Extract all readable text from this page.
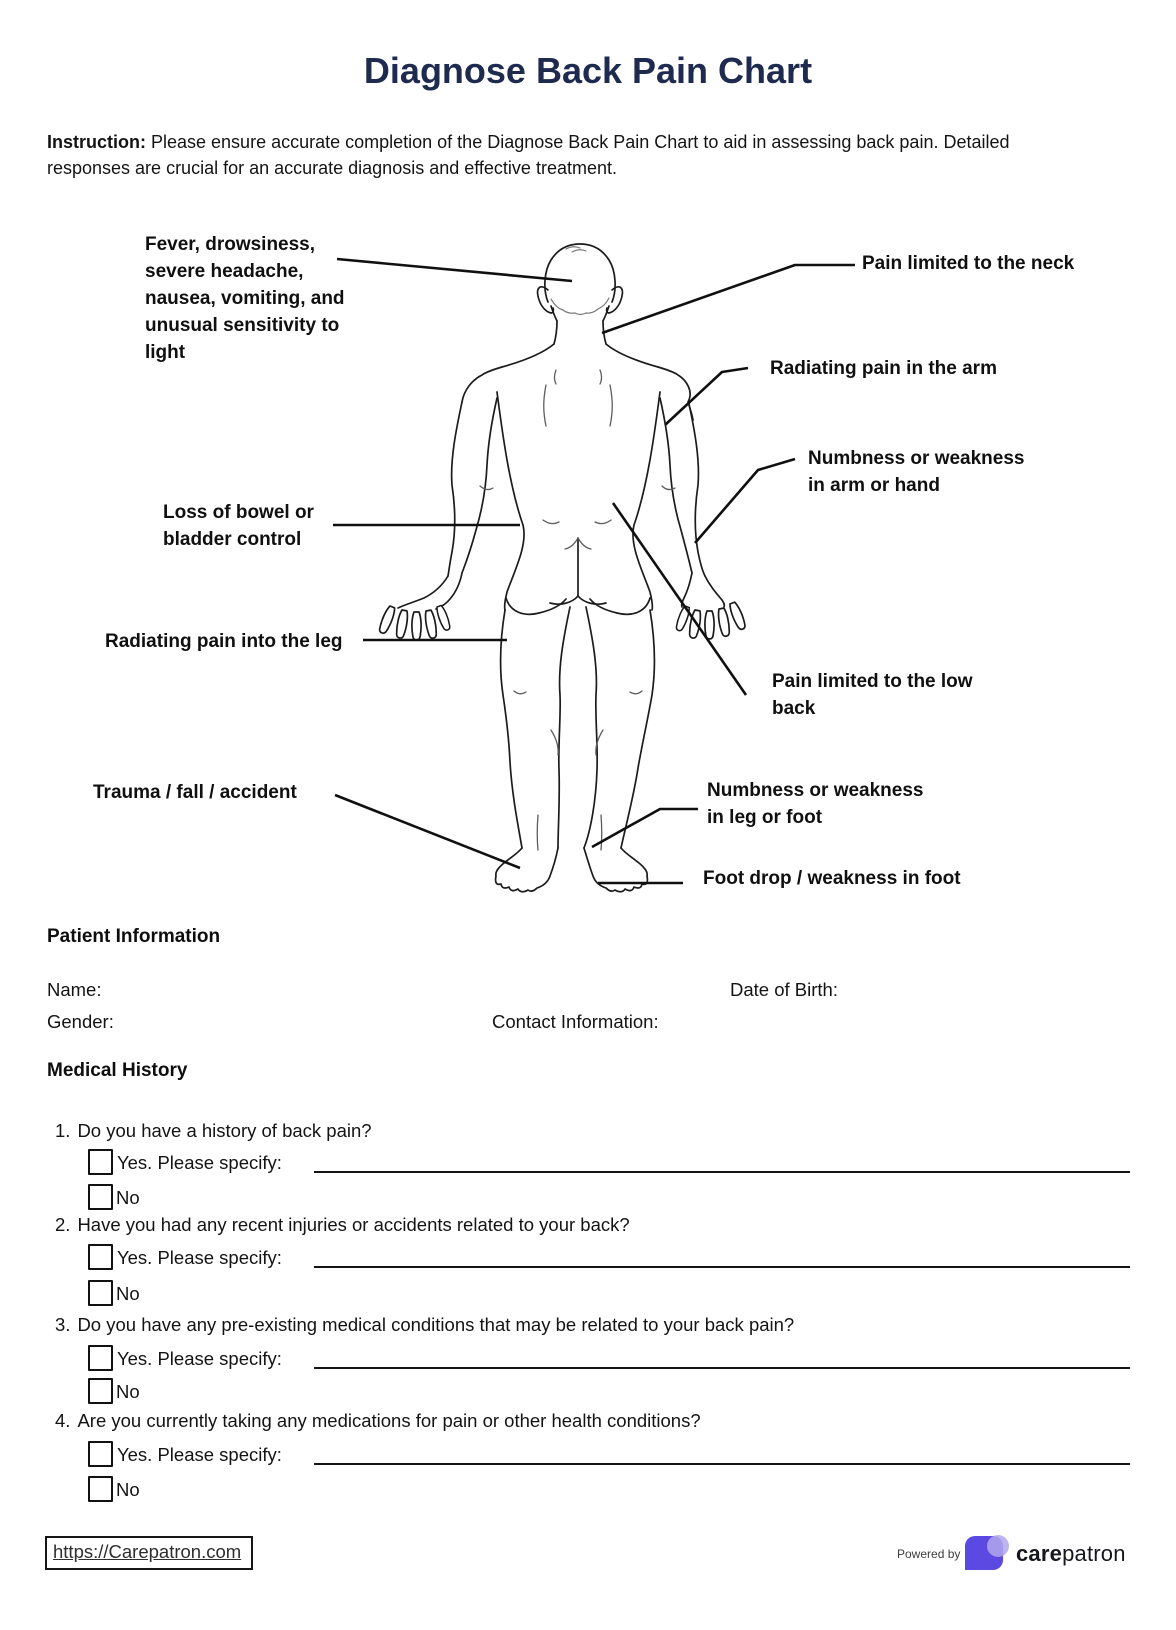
Diagnose Back Pain Chart
Instruction: Please ensure accurate completion of the Diagnose Back Pain Chart to aid in assessing back pain. Detailed responses are crucial for an accurate diagnosis and effective treatment.
Fever, drowsiness, severe headache, nausea, vomiting, and unusual sensitivity to light
Pain limited to the neck
Radiating pain in the arm
Numbness or weakness in arm or hand
Loss of bowel or bladder control
Radiating pain into the leg
Pain limited to the low back
Trauma / fall / accident	Numbness or weakness in leg or foot
Foot drop / weakness in foot
Patient Information
Name:	Date of Birth:
Gender:	Contact Information:
Medical History
1. Do you have a history of back pain?
Yes. Please specify:
No
2. Have you had any recent injuries or accidents related to your back?
Yes. Please specify:
No
3. Do you have any pre-existing medical conditions that may be related to your back pain?
Yes. Please specify:
No
4. Are you currently taking any medications for pain or other health conditions?
Yes. Please specify:
No
https://Carepatron.com	Powered by	carepatron
